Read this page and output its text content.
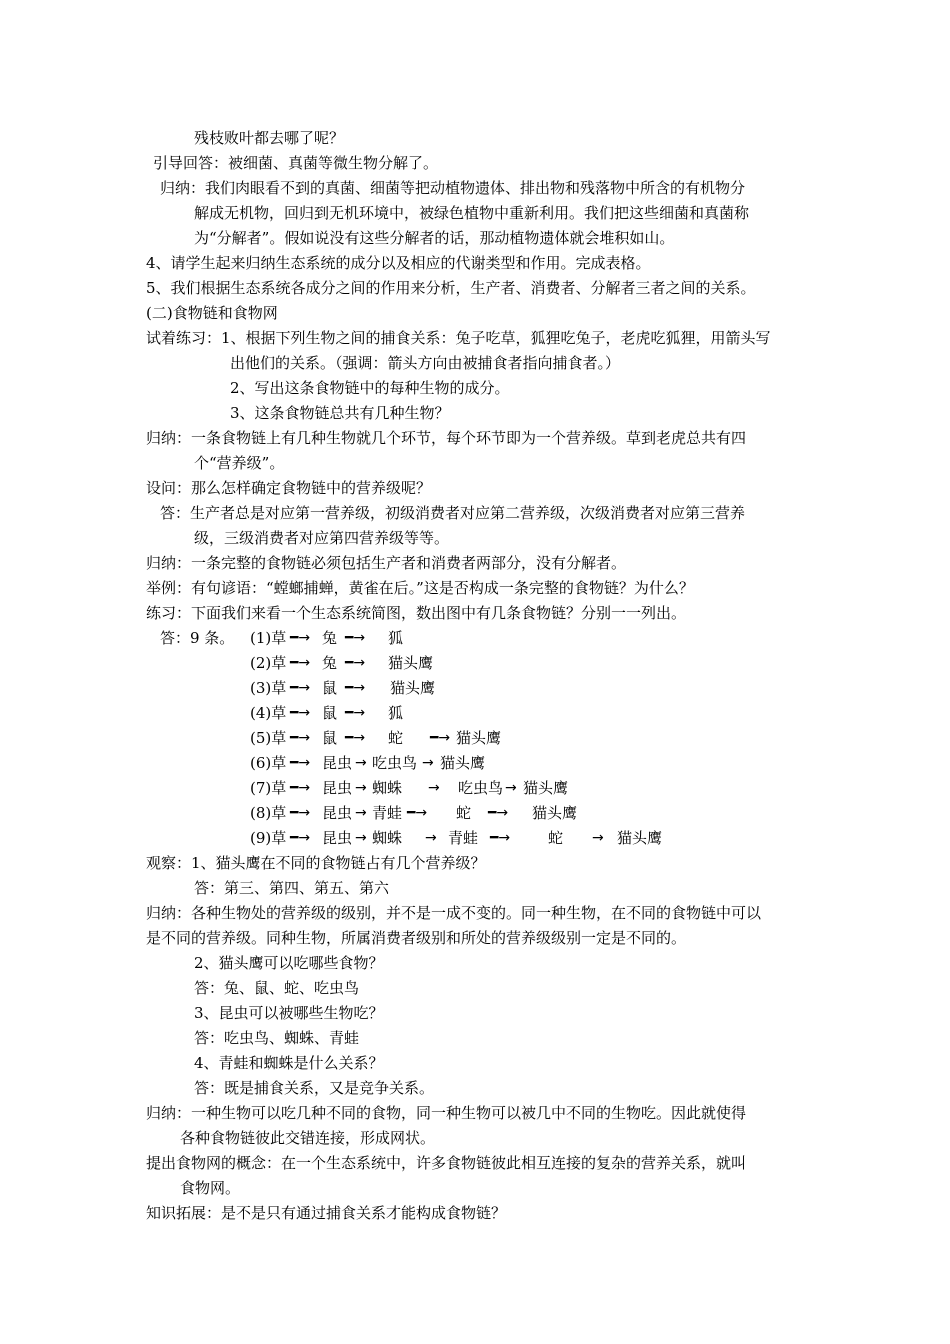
残枝败叶都去哪了呢？
引导回答：被细菌、真菌等微生物分解了。
归纳：我们肉眼看不到的真菌、细菌等把动植物遗体、排出物和残落物中所含的有机物分
解成无机物，回归到无机环境中，被绿色植物中重新利用。我们把这些细菌和真菌称
为“分解者”。假如说没有这些分解者的话，那动植物遗体就会堆积如山。
4、请学生起来归纳生态系统的成分以及相应的代谢类型和作用。完成表格。
5、我们根据生态系统各成分之间的作用来分析，生产者、消费者、分解者三者之间的关系。
(二)食物链和食物网
试着练习：1、根据下列生物之间的捕食关系：兔子吃草，狐狸吃兔子，老虎吃狐狸，用箭头写
出他们的关系。（强调：箭头方向由被捕食者指向捕食者。）
2、写出这条食物链中的每种生物的成分。
3、这条食物链总共有几种生物？
归纳：一条食物链上有几种生物就几个环节，每个环节即为一个营养级。草到老虎总共有四
个“营养级”。
设问：那么怎样确定食物链中的营养级呢？
答：生产者总是对应第一营养级，初级消费者对应第二营养级，次级消费者对应第三营养
级，三级消费者对应第四营养级等等。
归纳：一条完整的食物链必须包括生产者和消费者两部分，没有分解者。
举例：有句谚语：“螳螂捕蝉，黄雀在后。”这是否构成一条完整的食物链？为什么？
练习：下面我们来看一个生态系统简图，数出图中有几条食物链？分别一一列出。
答：9 条。 (1)草 ━→ 兔 ━→ 狐
(2)草 ━→ 兔 ━→ 猫头鹰
(3)草 ━→ 鼠 ━→ 猫头鹰
(4)草 ━→ 鼠 ━→ 狐
(5)草 ━→ 鼠 ━→ 蛇 ━→ 猫头鹰
(6)草 ━→ 昆虫 → 吃虫鸟 → 猫头鹰
(7)草 ━→ 昆虫 → 蜘蛛 → 吃虫鸟 → 猫头鹰
(8)草 ━→ 昆虫 → 青蛙 ━→ 蛇 ━→ 猫头鹰
(9)草 ━→ 昆虫 → 蜘蛛 → 青蛙 ━→	蛇 → 猫头鹰
观察：1、猫头鹰在不同的食物链占有几个营养级？
答：第三、第四、第五、第六
归纳：各种生物处的营养级的级别，并不是一成不变的。同一种生物，在不同的食物链中可以
是不同的营养级。同种生物，所属消费者级别和所处的营养级级别一定是不同的。
2、猫头鹰可以吃哪些食物？
答：兔、鼠、蛇、吃虫鸟
3、昆虫可以被哪些生物吃？
答：吃虫鸟、蜘蛛、青蛙
4、青蛙和蜘蛛是什么关系？
答：既是捕食关系，又是竞争关系。
归纳：一种生物可以吃几种不同的食物，同一种生物可以被几中不同的生物吃。因此就使得
各种食物链彼此交错连接，形成网状。
提出食物网的概念：在一个生态系统中，许多食物链彼此相互连接的复杂的营养关系，就叫
食物网。
知识拓展：是不是只有通过捕食关系才能构成食物链？
